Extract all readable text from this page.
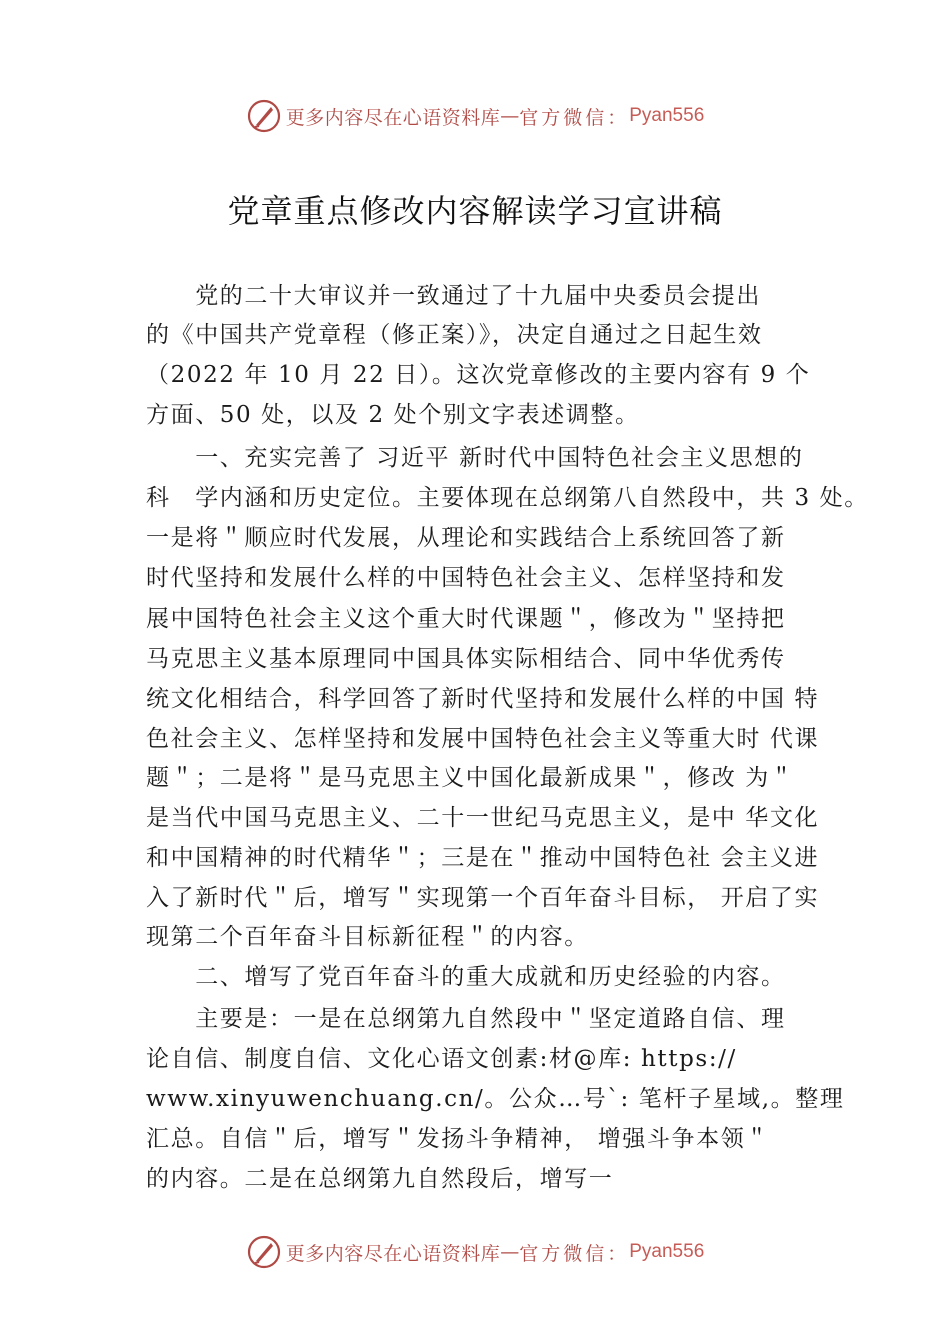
更多内容尽在心语资料库 — 官方微信： Pyan556
党章重点修改内容解读学习宣讲稿
　　党的二十大审议并一致通过了十九届中央委员会提出
的《中国共产党章程（修正案）》，决定自通过之日起生效
（2022 年 10 月 22 日）。这次党章修改的主要内容有 9 个
方面、50 处，以及 2 处个别文字表述调整。
　　一、充实完善了 习近平 新时代中国特色社会主义思想的
科　学内涵和历史定位。主要体现在总纲第八自然段中，共 3 处。
一是将＂顺应时代发展，从理论和实践结合上系统回答了新
时代坚持和发展什么样的中国特色社会主义、怎样坚持和发
展中国特色社会主义这个重大时代课题＂，修改为＂坚持把
马克思主义基本原理同中国具体实际相结合、同中华优秀传
统文化相结合，科学回答了新时代坚持和发展什么样的中国 特
色社会主义、怎样坚持和发展中国特色社会主义等重大时 代课
题＂；二是将＂是马克思主义中国化最新成果＂，修改 为＂
是当代中国马克思主义、二十一世纪马克思主义，是中 华文化
和中国精神的时代精华＂；三是在＂推动中国特色社 会主义进
入了新时代＂后，增写＂实现第一个百年奋斗目标， 开启了实
现第二个百年奋斗目标新征程＂的内容。
　　二、增写了党百年奋斗的重大成就和历史经验的内容。
　　主要是：一是在总纲第九自然段中＂坚定道路自信、理
论自信、制度自信、文化心语文创素:材@库: https://
www.xinyuwenchuang.cn/。公众…号`: 笔杆子星域,。整理
汇总。自信＂后，增写＂发扬斗争精神， 增强斗争本领＂
的内容。二是在总纲第九自然段后，增写一
更多内容尽在心语资料库 — 官方微信： Pyan556
